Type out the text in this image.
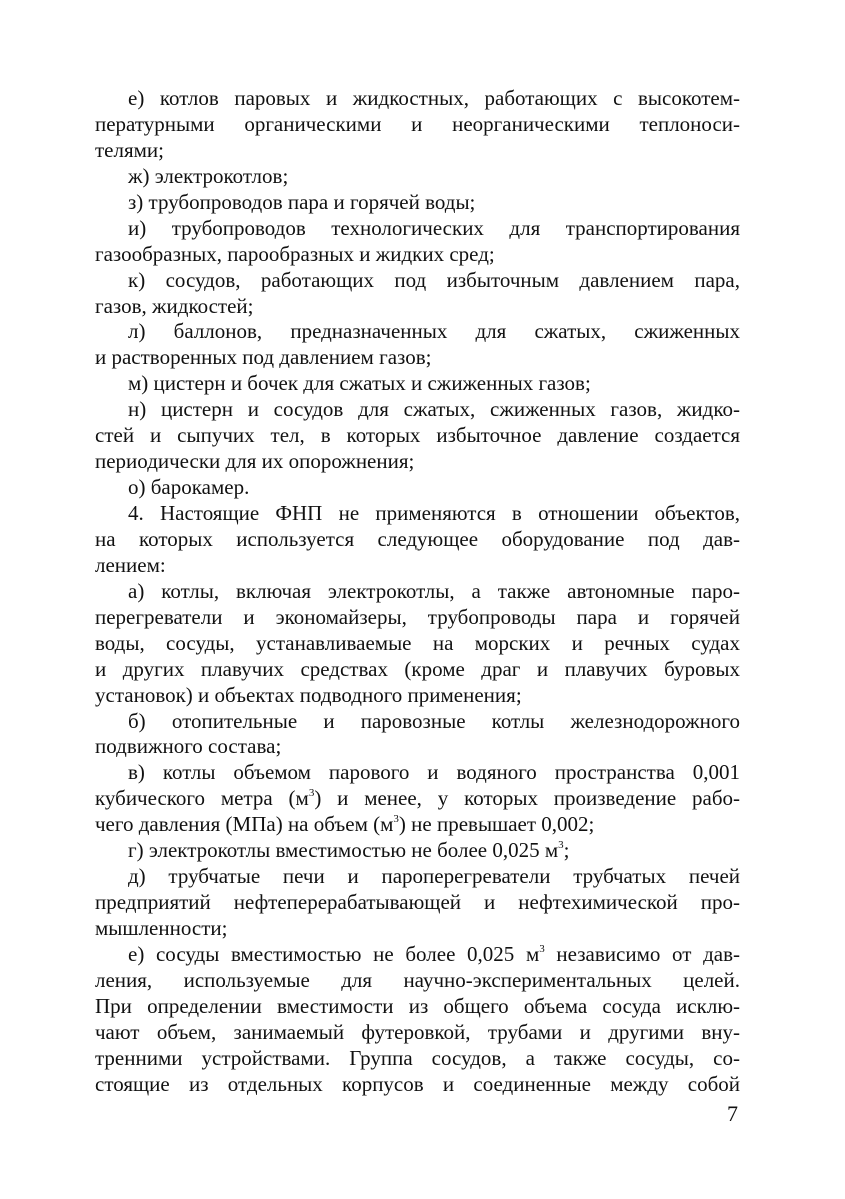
е) котлов паровых и жидкостных, работающих с высокотем-

пературными органическими и неорганическими теплоноси-

телями;

ж) электрокотлов;

з) трубопроводов пара и горячей воды;

и) трубопроводов технологических для транспортирования

газообразных, парообразных и жидких сред;

к) сосудов, работающих под избыточным давлением пара,

газов, жидкостей;

л) баллонов, предназначенных для сжатых, сжиженных

и растворенных под давлением газов;

м) цистерн и бочек для сжатых и сжиженных газов;

н) цистерн и сосудов для сжатых, сжиженных газов, жидко-

стей и сыпучих тел, в которых избыточное давление создается

периодически для их опорожнения;

о) барокамер.

4. Настоящие ФНП не применяются в отношении объектов,

на которых используется следующее оборудование под дав-

лением:

а) котлы, включая электрокотлы, а также автономные паро-

перегреватели и экономайзеры, трубопроводы пара и горячей

воды, сосуды, устанавливаемые на морских и речных судах

и других плавучих средствах (кроме драг и плавучих буровых

установок) и объектах подводного применения;

б) отопительные и паровозные котлы железнодорожного

подвижного состава;

в) котлы объемом парового и водяного пространства 0,001

кубического метра $(м^3)$ и менее, у которых произведение рабо-

чего давления (МПа) на объем $(м^3)$ не превышает 0,002;

г) электрокотлы вместимостью не более 0,025 $м^3$;

д) трубчатые печи и пароперегреватели трубчатых печей

предприятий нефтеперерабатывающей и нефтехимической про-

мышленности;

е) сосуды вместимостью не более 0,025 $м^3$ независимо от дав-

ления, используемые для научно-экспериментальных целей.

При определении вместимости из общего объема сосуда исклю-

чают объем, занимаемый футеровкой, трубами и другими вну-

тренними устройствами. Группа сосудов, а также сосуды, со-

стоящие из отдельных корпусов и соединенные между собой

7
